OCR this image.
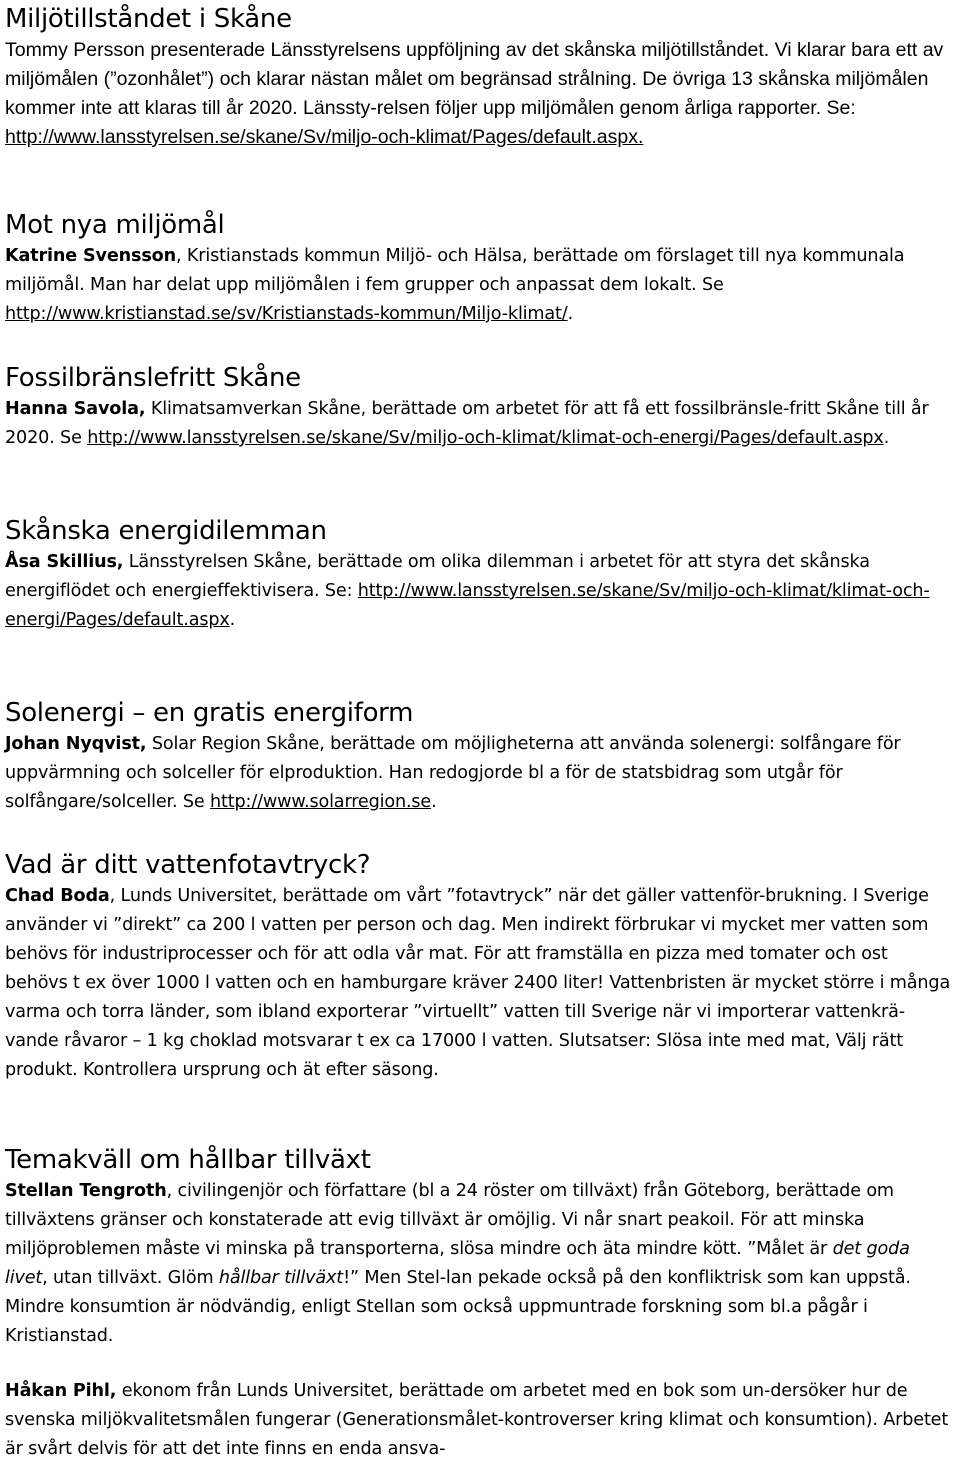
Miljötillståndet i Skåne

Tommy Persson presenterade Länsstyrelsens uppföljning av det skånska miljötillståndet. Vi klarar bara ett av miljömålen (”ozonhålet”) och klarar nästan målet om begränsad strålning. De övriga 13 skånska miljömålen kommer inte att klaras till år 2020. Länssty-relsen följer upp miljömålen genom årliga rapporter. Se: http://www.lansstyrelsen.se/skane/Sv/miljo-och-klimat/Pages/default.aspx.

Mot nya miljömål

Katrine Svensson, Kristianstads kommun Miljö- och Hälsa, berättade om förslaget till nya kommunala miljömål. Man har delat upp miljömålen i fem grupper och anpassat dem lokalt. Se http://www.kristianstad.se/sv/Kristianstads-kommun/Miljo-klimat/.

Fossilbränslefritt Skåne

Hanna Savola, Klimatsamverkan Skåne, berättade om arbetet för att få ett fossilbränsle-fritt Skåne till år 2020. Se http://www.lansstyrelsen.se/skane/Sv/miljo-och-klimat/klimat-och-energi/Pages/default.aspx.

Skånska energidilemman

Åsa Skillius, Länsstyrelsen Skåne, berättade om olika dilemman i arbetet för att styra det skånska energiflödet och energieffektivisera. Se: http://www.lansstyrelsen.se/skane/Sv/miljo-och-klimat/klimat-och-energi/Pages/default.aspx.

Solenergi – en gratis energiform

Johan Nyqvist, Solar Region Skåne, berättade om möjligheterna att använda solenergi: solfångare för uppvärmning och solceller för elproduktion. Han redogjorde bl a för de statsbidrag som utgår för solfångare/solceller. Se http://www.solarregion.se.

Vad är ditt vattenfotavtryck?

Chad Boda, Lunds Universitet, berättade om vårt ”fotavtryck” när det gäller vattenför-brukning. I Sverige använder vi ”direkt” ca 200 l vatten per person och dag. Men indirekt förbrukar vi mycket mer vatten som behövs för industriprocesser och för att odla vår mat. För att framställa en pizza med tomater och ost behövs t ex över 1000 l vatten och en hamburgare kräver 2400 liter! Vattenbristen är mycket större i många varma och torra länder, som ibland exporterar ”virtuellt” vatten till Sverige när vi importerar vattenkrä-vande råvaror – 1 kg choklad motsvarar t ex ca 17000 l vatten. Slutsatser: Slösa inte med mat, Välj rätt produkt. Kontrollera ursprung och ät efter säsong.

Temakväll om hållbar tillväxt

Stellan Tengroth, civilingenjör och författare (bl a 24 röster om tillväxt) från Göteborg, berättade om tillväxtens gränser och konstaterade att evig tillväxt är omöjlig. Vi når snart peakoil. För att minska miljöproblemen måste vi minska på transporterna, slösa mindre och äta mindre kött. ”Målet är det goda livet, utan tillväxt. Glöm hållbar tillväxt!” Men Stel-lan pekade också på den konfliktrisk som kan uppstå. Mindre konsumtion är nödvändig, enligt Stellan som också uppmuntrade forskning som bl.a pågår i Kristianstad.

Håkan Pihl, ekonom från Lunds Universitet, berättade om arbetet med en bok som un-dersöker hur de svenska miljökvalitetsmålen fungerar (Generationsmålet-kontroverser kring klimat och konsumtion). Arbetet är svårt delvis för att det inte finns en enda ansva-
